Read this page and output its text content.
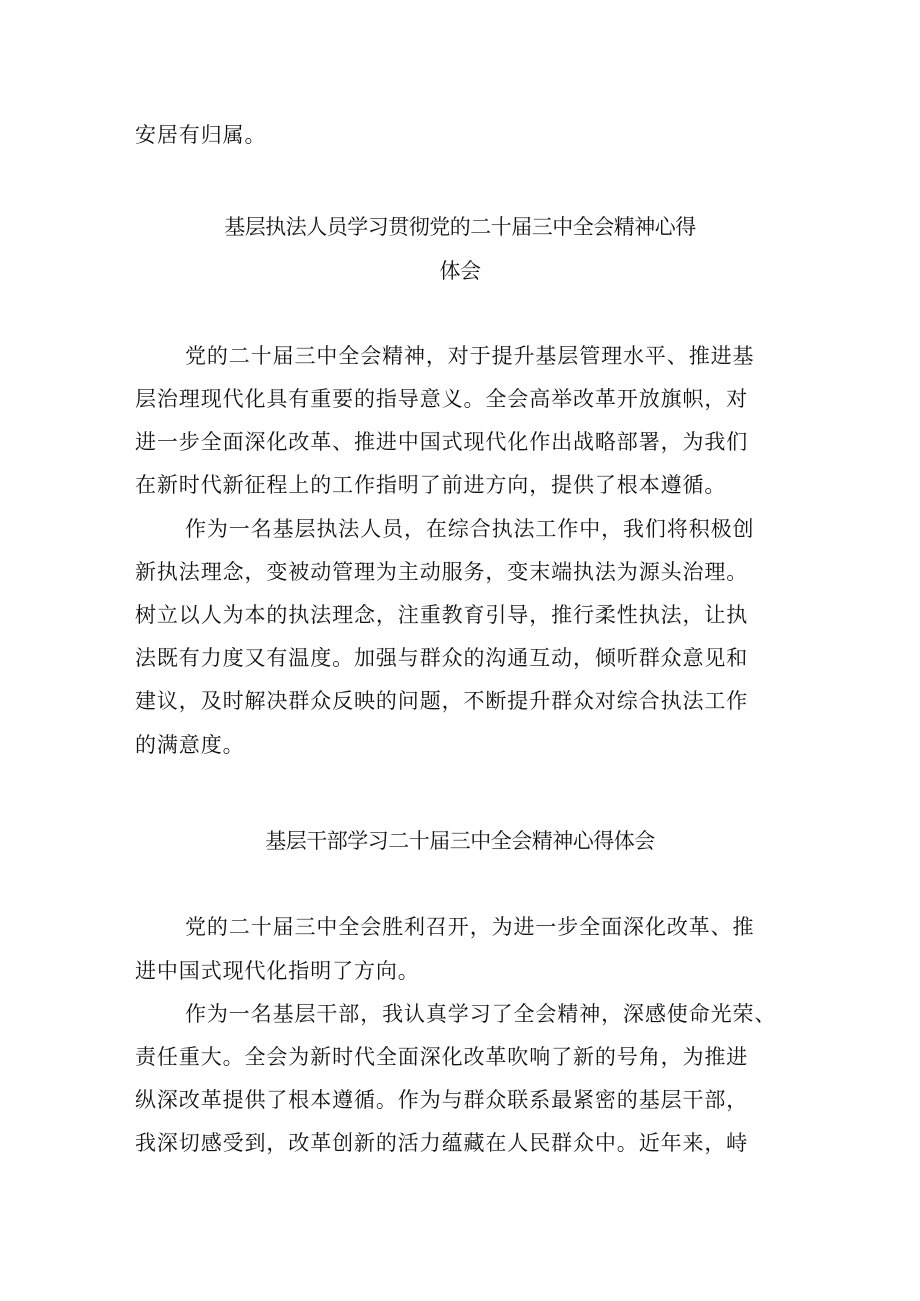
安居有归属。
基层执法人员学习贯彻党的二十届三中全会精神心得
体会
党的二十届三中全会精神，对于提升基层管理水平、推进基
层治理现代化具有重要的指导意义。全会高举改革开放旗帜，对
进一步全面深化改革、推进中国式现代化作出战略部署，为我们
在新时代新征程上的工作指明了前进方向，提供了根本遵循。
作为一名基层执法人员，在综合执法工作中，我们将积极创
新执法理念，变被动管理为主动服务，变末端执法为源头治理。
树立以人为本的执法理念，注重教育引导，推行柔性执法，让执
法既有力度又有温度。加强与群众的沟通互动，倾听群众意见和
建议，及时解决群众反映的问题，不断提升群众对综合执法工作
的满意度。
基层干部学习二十届三中全会精神心得体会
党的二十届三中全会胜利召开，为进一步全面深化改革、推
进中国式现代化指明了方向。
作为一名基层干部，我认真学习了全会精神，深感使命光荣、
责任重大。全会为新时代全面深化改革吹响了新的号角，为推进
纵深改革提供了根本遵循。作为与群众联系最紧密的基层干部，
我深切感受到，改革创新的活力蕴藏在人民群众中。近年来，峙
